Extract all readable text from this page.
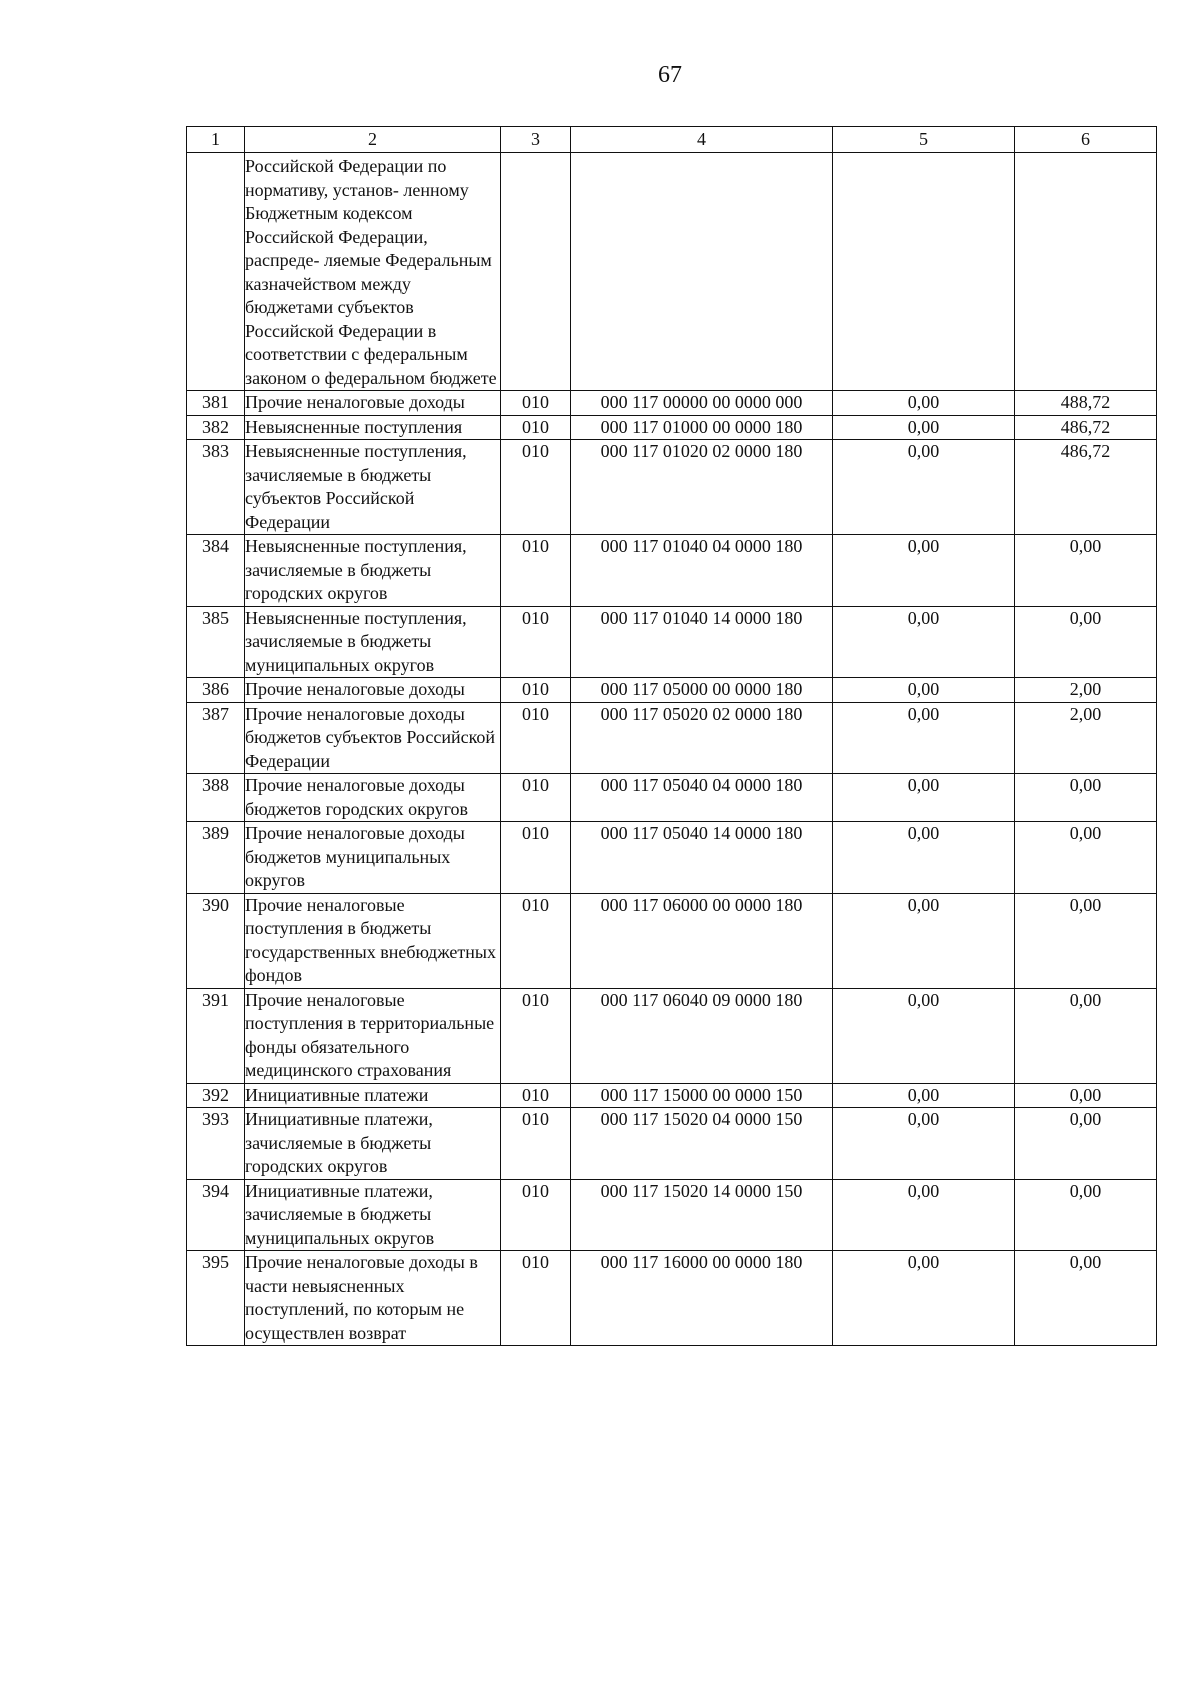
67
1	2	3	4	5	6
	Российской Федерации по нормативу, установ- ленному Бюджетным кодексом Российской Федерации, распреде- ляемые Федеральным казначейством между бюджетами субъектов Российской Федерации в соответствии с федеральным законом о федеральном бюджете				
381	Прочие неналоговые доходы	010	000 117 00000 00 0000 000	0,00	488,72
382	Невыясненные поступления	010	000 117 01000 00 0000 180	0,00	486,72
383	Невыясненные поступления, зачисляемые в бюджеты субъектов Российской Федерации	010	000 117 01020 02 0000 180	0,00	486,72
384	Невыясненные поступления, зачисляемые в бюджеты городских округов	010	000 117 01040 04 0000 180	0,00	0,00
385	Невыясненные поступления, зачисляемые в бюджеты муниципальных округов	010	000 117 01040 14 0000 180	0,00	0,00
386	Прочие неналоговые доходы	010	000 117 05000 00 0000 180	0,00	2,00
387	Прочие неналоговые доходы бюджетов субъектов Российской Федерации	010	000 117 05020 02 0000 180	0,00	2,00
388	Прочие неналоговые доходы бюджетов городских округов	010	000 117 05040 04 0000 180	0,00	0,00
389	Прочие неналоговые доходы бюджетов муниципальных округов	010	000 117 05040 14 0000 180	0,00	0,00
390	Прочие неналоговые поступления в бюджеты государственных внебюджетных фондов	010	000 117 06000 00 0000 180	0,00	0,00
391	Прочие неналоговые поступления в территориальные фонды обязательного медицинского страхования	010	000 117 06040 09 0000 180	0,00	0,00
392	Инициативные платежи	010	000 117 15000 00 0000 150	0,00	0,00
393	Инициативные платежи, зачисляемые в бюджеты городских округов	010	000 117 15020 04 0000 150	0,00	0,00
394	Инициативные платежи, зачисляемые в бюджеты муниципальных округов	010	000 117 15020 14 0000 150	0,00	0,00
395	Прочие неналоговые доходы в части невыясненных поступлений, по которым не осуществлен возврат	010	000 117 16000 00 0000 180	0,00	0,00
